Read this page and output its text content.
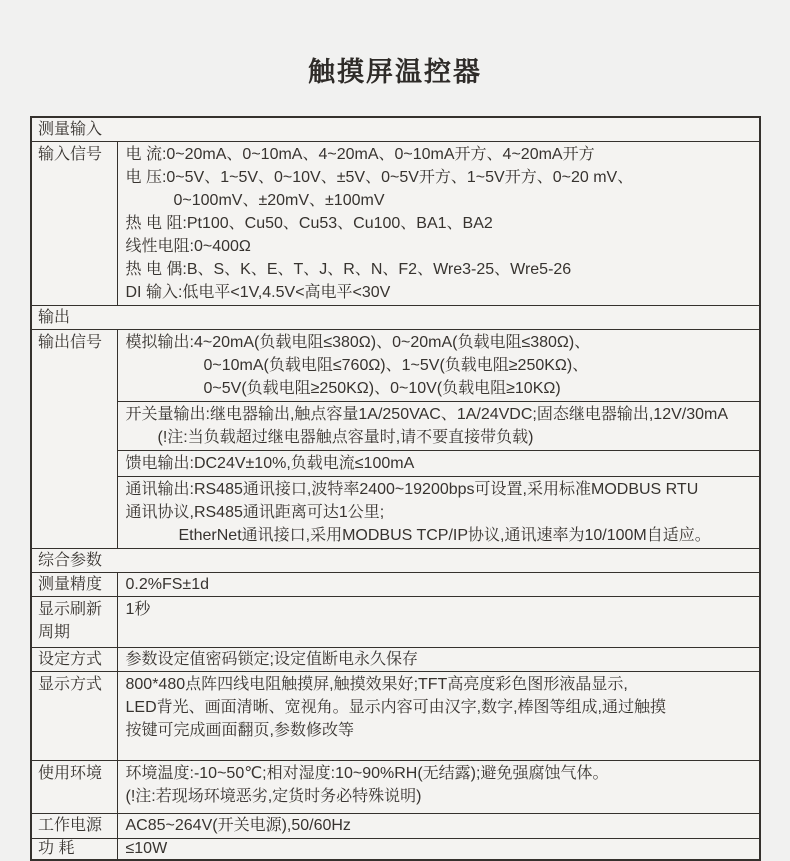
触摸屏温控器
测量输入	
输入信号	电 流:0~20mA、0~10mA、4~20mA、0~10mA开方、4~20mA开方
电 压:0~5V、1~5V、0~10V、±5V、0~5V开方、1~5V开方、0~20 mV、
0~100mV、±20mV、±100mV
热 电 阻:Pt100、Cu50、Cu53、Cu100、BA1、BA2
线性电阻:0~400Ω
热 电 偶:B、S、K、E、T、J、R、N、F2、Wre3-25、Wre5-26
DI 输入:低电平<1V,4.5V<高电平<30V

输出	
输出信号	模拟输出:4~20mA(负载电阻≤380Ω)、0~20mA(负载电阻≤380Ω)、
0~10mA(负载电阻≤760Ω)、1~5V(负载电阻≥250KΩ)、
0~5V(负载电阻≥250KΩ)、0~10V(负载电阻≥10KΩ)

	开关量输出:继电器输出,触点容量1A/250VAC、1A/24VDC;固态继电器输出,12V/30mA
(!注:当负载超过继电器触点容量时,请不要直接带负载)

	馈电输出:DC24V±10%,负载电流≤100mA

	通讯输出:RS485通讯接口,波特率2400~19200bps可设置,采用标准MODBUS RTU
通讯协议,RS485通讯距离可达1公里;
EtherNet通讯接口,采用MODBUS TCP/IP协议,通讯速率为10/100M自适应。

综合参数	
测量精度	0.2%FS±1d
显示刷新周期	1秒
设定方式	参数设定值密码锁定;设定值断电永久保存
显示方式	800*480点阵四线电阻触摸屏,触摸效果好;TFT高亮度彩色图形液晶显示,
LED背光、画面清晰、宽视角。显示内容可由汉字,数字,棒图等组成,通过触摸
按键可完成画面翻页,参数修改等

使用环境	环境温度:-10~50℃;相对湿度:10~90%RH(无结露);避免强腐蚀气体。
(!注:若现场环境恶劣,定货时务必特殊说明)

工作电源	AC85~264V(开关电源),50/60Hz
功 耗	≤10W
